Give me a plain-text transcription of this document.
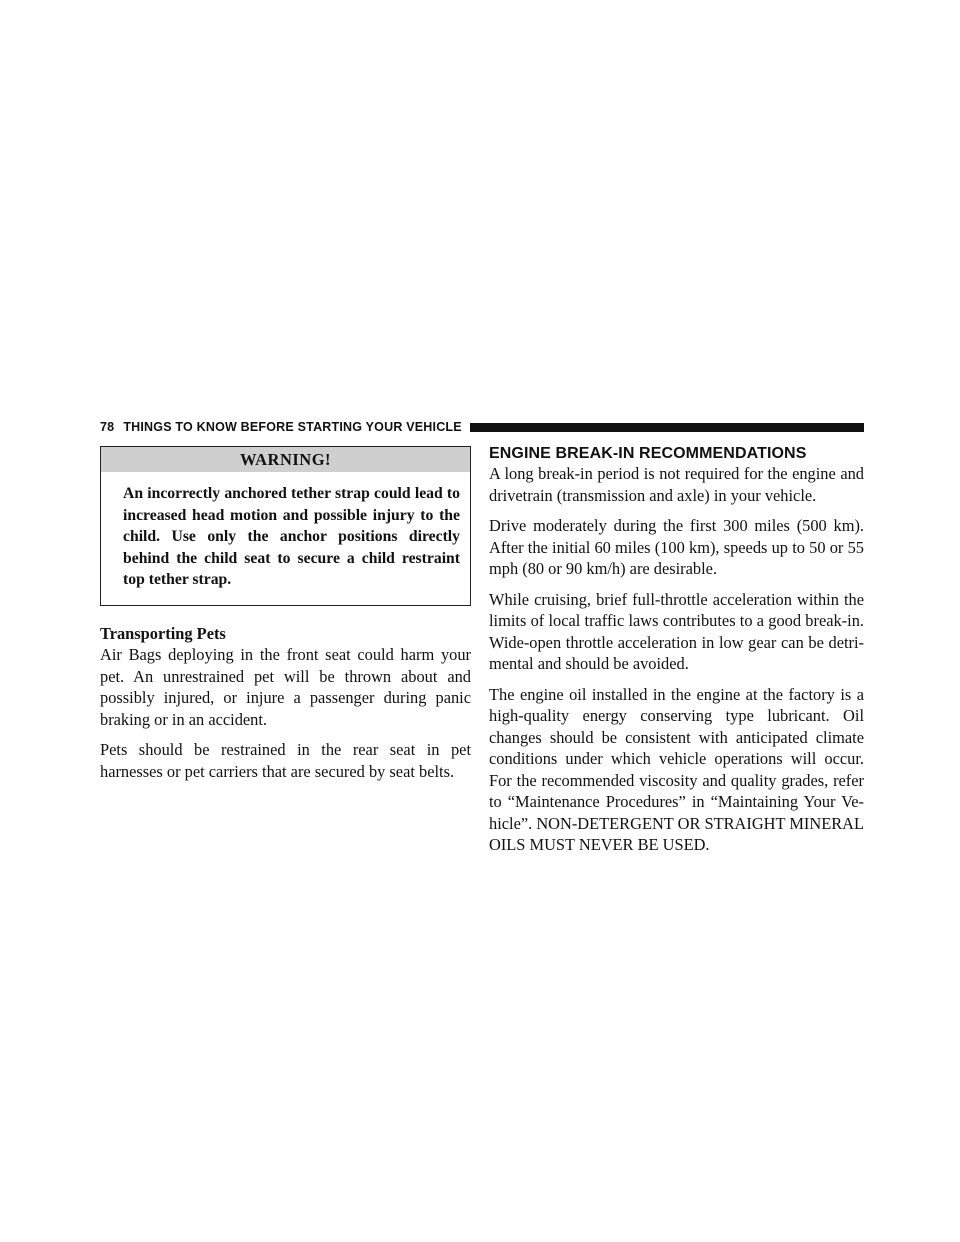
78 THINGS TO KNOW BEFORE STARTING YOUR VEHICLE
WARNING!
An incorrectly anchored tether strap could lead to increased head motion and possible injury to the child. Use only the anchor positions directly behind the child seat to secure a child restraint top tether strap.
Transporting Pets

Air Bags deploying in the front seat could harm your pet. An unrestrained pet will be thrown about and possibly injured, or injure a passenger during panic braking or in an accident.

Pets should be restrained in the rear seat in pet harnesses or pet carriers that are secured by seat belts.

ENGINE BREAK-IN RECOMMENDATIONS

A long break-in period is not required for the engine and drivetrain (transmission and axle) in your vehicle.

Drive moderately during the first 300 miles (500 km). After the initial 60 miles (100 km), speeds up to 50 or 55 mph (80 or 90 km/h) are desirable.

While cruising, brief full-throttle acceleration within the limits of local traffic laws contributes to a good break-in. Wide-open throttle acceleration in low gear can be detri- mental and should be avoided.

The engine oil installed in the engine at the factory is a high-quality energy conserving type lubricant. Oil changes should be consistent with anticipated climate conditions under which vehicle operations will occur. For the recommended viscosity and quality grades, refer to “Maintenance Procedures” in “Maintaining Your Ve- hicle”. NON-DETERGENT OR STRAIGHT MINERAL OILS MUST NEVER BE USED.
